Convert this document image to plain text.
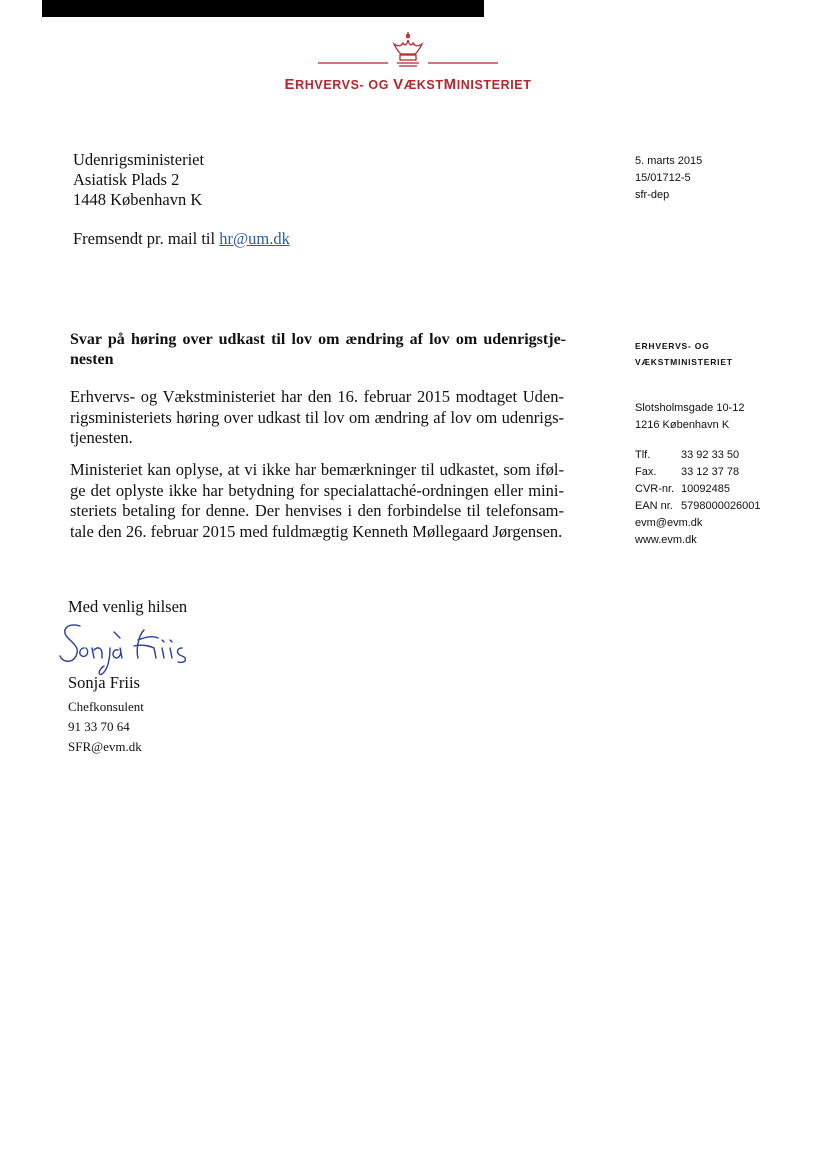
ERHVERVS- OG VÆKSTMINISTERIET
Udenrigsministeriet
Asiatisk Plads 2
1448 København K
5. marts 2015
15/01712-5
sfr-dep
Fremsendt pr. mail til hr@um.dk
Svar på høring over udkast til lov om ændring af lov om udenrigstjenesten
Erhvervs- og Vækstministeriet har den 16. februar 2015 modtaget Udenrigsministeriets høring over udkast til lov om ændring af lov om udenrigstjenesten.
Ministeriet kan oplyse, at vi ikke har bemærkninger til udkastet, som ifølge det oplyste ikke har betydning for specialattaché-ordningen eller ministeriets betaling for denne. Der henvises i den forbindelse til telefonsamtale den 26. februar 2015 med fuldmægtig Kenneth Møllegaard Jørgensen.
ERHVERVS- OG
VÆKSTMINISTERIET
Slotsholmsgade 10-12
1216 København K
Tlf.	33 92 33 50
Fax. 33 12 37 78
CVR-nr. 10092485
EAN nr. 5798000026001
evm@evm.dk
www.evm.dk
Med venlig hilsen
Sonja Friis
Sonja Friis
Chefkonsulent
91 33 70 64
SFR@evm.dk
